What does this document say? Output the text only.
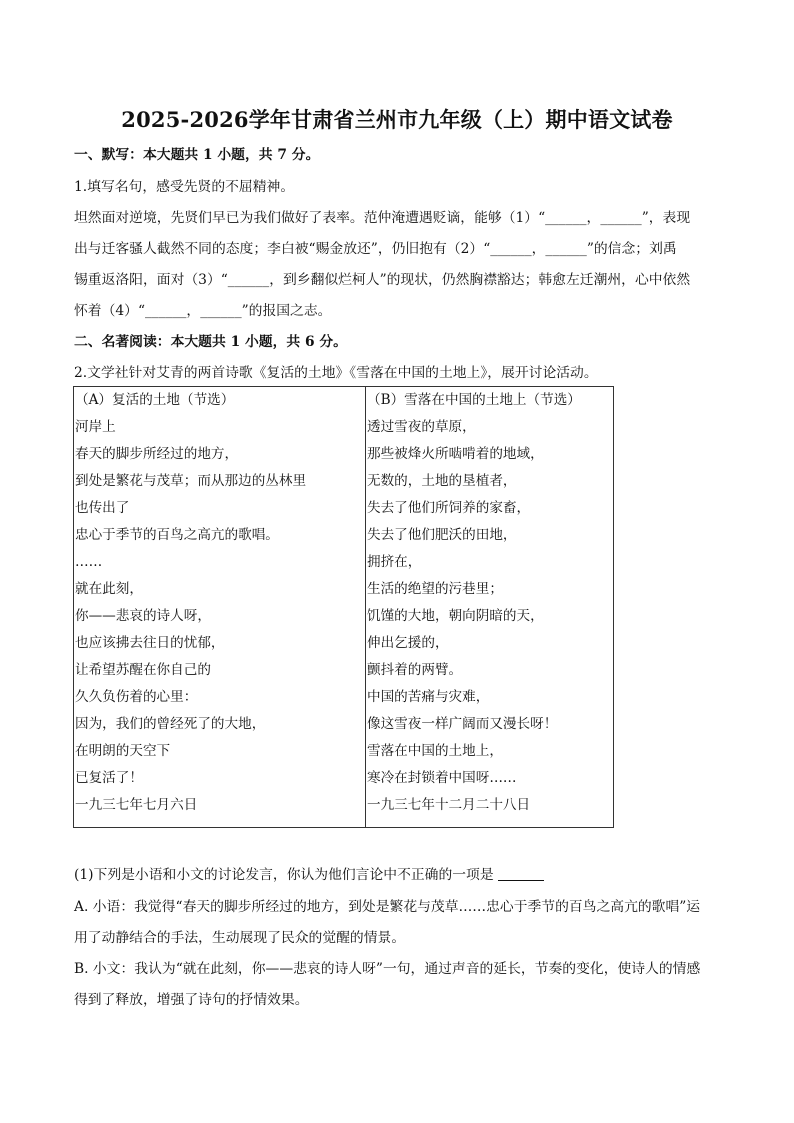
2025-2026学年甘肃省兰州市九年级（上）期中语文试卷
一、默写：本大题共 1 小题，共 7 分。
1.填写名句，感受先贤的不屈精神。
坦然面对逆境，先贤们早已为我们做好了表率。范仲淹遭遇贬谪，能够（1）“______，______”，表现
出与迁客骚人截然不同的态度；李白被“赐金放还”，仍旧抱有（2）“______，______”的信念；刘禹
锡重返洛阳，面对（3）“______，到乡翻似烂柯人”的现状，仍然胸襟豁达；韩愈左迁潮州，心中依然
怀着（4）“______，______”的报国之志。
二、名著阅读：本大题共 1 小题，共 6 分。
2.文学社针对艾青的两首诗歌《复活的土地》《雪落在中国的土地上》，展开讨论活动。
（A）复活的土地（节选）
河岸上
春天的脚步所经过的地方，
到处是繁花与茂草；而从那边的丛林里
也传出了
忠心于季节的百鸟之高亢的歌唱。
……
就在此刻，
你——悲哀的诗人呀，
也应该拂去往日的忧郁，
让希望苏醒在你自己的
久久负伤着的心里：
因为，我们的曾经死了的大地，
在明朗的天空下
已复活了！
一九三七年七月六日

（B）雪落在中国的土地上（节选）
透过雪夜的草原，
那些被烽火所啮啃着的地域，
无数的，土地的垦植者，
失去了他们所饲养的家畜，
失去了他们肥沃的田地，
拥挤在，
生活的绝望的污巷里；
饥馑的大地，朝向阴暗的天，
伸出乞援的，
颤抖着的两臂。
中国的苦痛与灾难，
像这雪夜一样广阔而又漫长呀！
雪落在中国的土地上，
寒冷在封锁着中国呀……
一九三七年十二月二十八日
(1)下列是小语和小文的讨论发言，你认为他们言论中不正确的一项是
A. 小语：我觉得“春天的脚步所经过的地方，到处是繁花与茂草……忠心于季节的百鸟之高亢的歌唱”运
用了动静结合的手法，生动展现了民众的觉醒的情景。
B. 小文：我认为“就在此刻，你——悲哀的诗人呀”一句，通过声音的延长，节奏的变化，使诗人的情感
得到了释放，增强了诗句的抒情效果。
